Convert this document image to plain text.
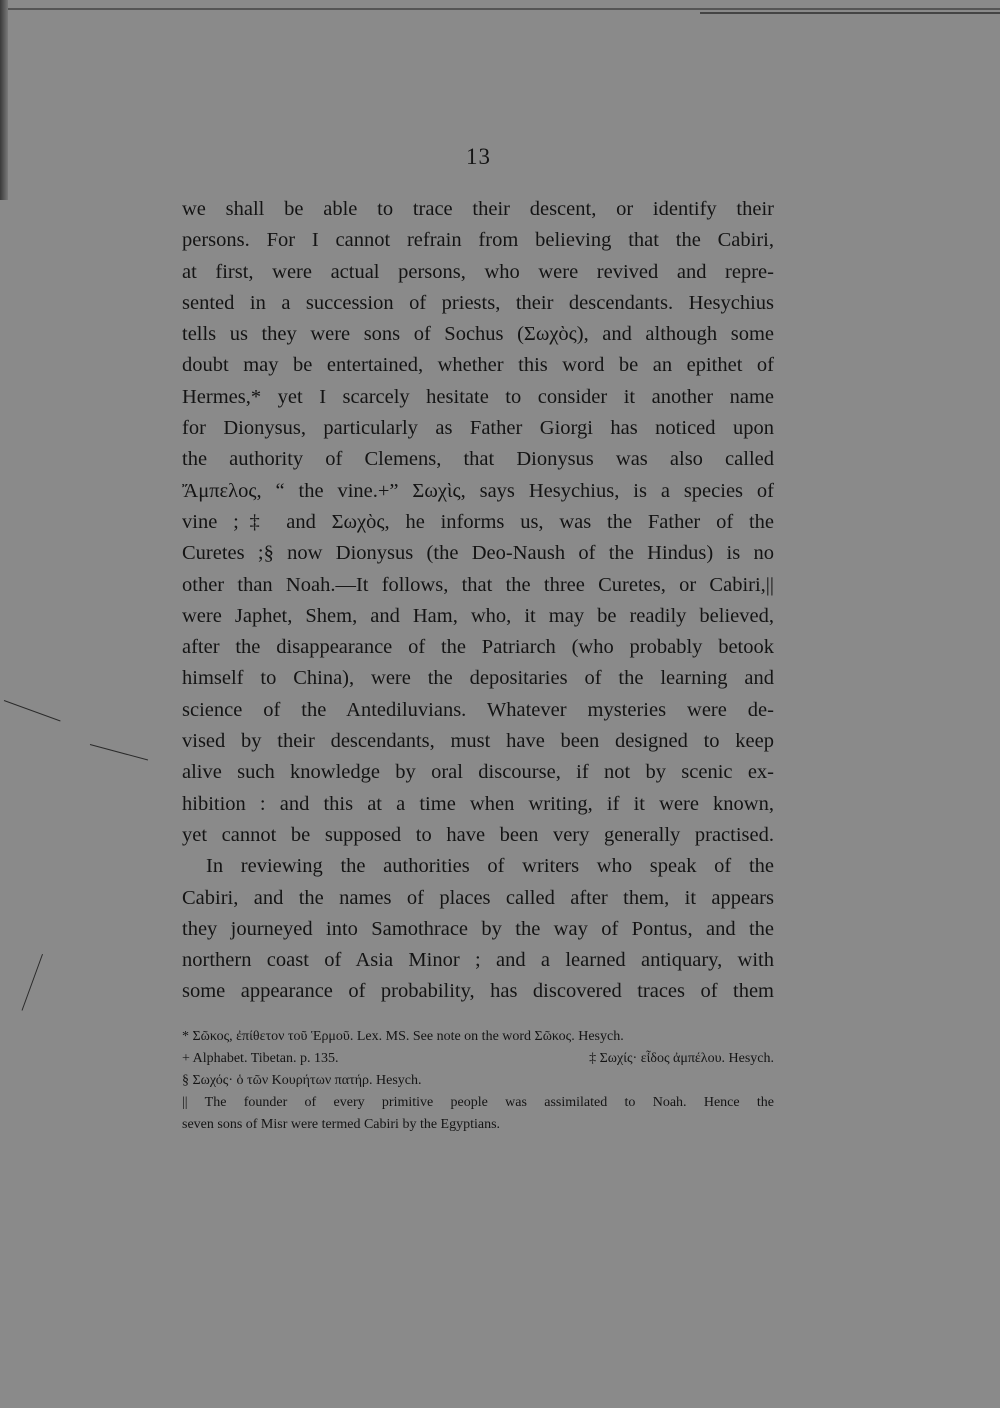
13
we shall be able to trace their descent, or identify their
persons. For I cannot refrain from believing that the Cabiri,
at first, were actual persons, who were revived and repre-
sented in a succession of priests, their descendants. Hesychius
tells us they were sons of Sochus (Σωχὸς), and although some
doubt may be entertained, whether this word be an epithet of
Hermes,* yet I scarcely hesitate to consider it another name
for Dionysus, particularly as Father Giorgi has noticed upon
the authority of Clemens, that Dionysus was also called
Ἄμπελος, “ the vine.+” Σωχὶς, says Hesychius, is a species of
vine ;‡ and Σωχὸς, he informs us, was the Father of the
Curetes ;§ now Dionysus (the Deo-Naush of the Hindus) is no
other than Noah.—It follows, that the three Curetes, or Cabiri,||
were Japhet, Shem, and Ham, who, it may be readily believed,
after the disappearance of the Patriarch (who probably betook
himself to China), were the depositaries of the learning and
science of the Antediluvians. Whatever mysteries were de-
vised by their descendants, must have been designed to keep
alive such knowledge by oral discourse, if not by scenic ex-
hibition : and this at a time when writing, if it were known,
yet cannot be supposed to have been very generally practised.
In reviewing the authorities of writers who speak of the
Cabiri, and the names of places called after them, it appears
they journeyed into Samothrace by the way of Pontus, and the
northern coast of Asia Minor ; and a learned antiquary, with
some appearance of probability, has discovered traces of them
* Σῶκος, ἐπίθετον τοῦ Ἑρμοῦ. Lex. MS. See note on the word Σῶκος. Hesych.
+ Alphabet. Tibetan. p. 135.	‡ Σωχίς· εἶδος ἀμπέλου. Hesych.
§ Σωχός· ὁ τῶν Κουρήτων πατήρ. Hesych.
|| The founder of every primitive people was assimilated to Noah. Hence the
seven sons of Misr were termed Cabiri by the Egyptians.
